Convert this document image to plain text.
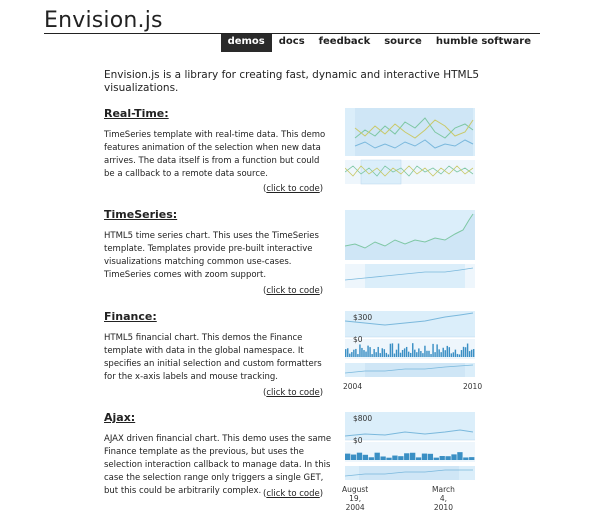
Envision.js
demos	docs	feedback	source	humble software
Envision.js is a library for creating fast, dynamic and interactive HTML5 visualizations.
Real-Time:
TimeSeries template with real-time data. This demo features animation of the selection when new data arrives. The data itself is from a function but could be a callback to a remote data source.
(click to code)
TimeSeries:
HTML5 time series chart. This uses the TimeSeries template. Templates provide pre-built interactive visualizations matching common use-cases. TimeSeries comes with zoom support.
(click to code)
Finance:
HTML5 financial chart. This demos the Finance template with data in the global namespace. It specifies an initial selection and custom formatters for the x-axis labels and mouse tracking.
(click to code)
$300
$0
2004	2010
Ajax:
AJAX driven financial chart. This demo uses the same Finance template as the previous, but uses the selection interaction callback to manage data. In this case the selection range only triggers a single GET, but this could be arbitrarily complex. (click to code)
$800
$0
August
19,
2004
March
4,
2010
